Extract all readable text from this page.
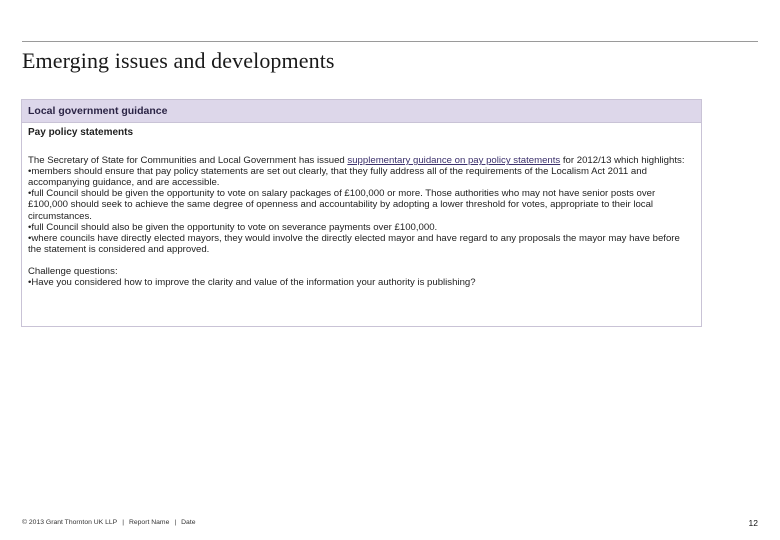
Emerging issues and developments
Local government guidance

Pay policy statements

The Secretary of State for Communities and Local Government has issued supplementary guidance on pay policy statements for 2012/13 which highlights:

•members should ensure that pay policy statements are set out clearly, that they fully address all of the requirements of the Localism Act 2011 and accompanying guidance, and are accessible.

•full Council should be given the opportunity to vote on salary packages of £100,000 or more. Those authorities who may not have senior posts over £100,000 should seek to achieve the same degree of openness and accountability by adopting a lower threshold for votes, appropriate to their local circumstances.

•full Council should also be given the opportunity to vote on severance payments over £100,000.

•where councils have directly elected mayors, they would involve the directly elected mayor and have regard to any proposals the mayor may have before the statement is considered and approved.

Challenge questions:

•Have you considered how to improve the clarity and value of the information your authority is publishing?

© 2013 Grant Thornton UK LLP | Report Name | Date	12
